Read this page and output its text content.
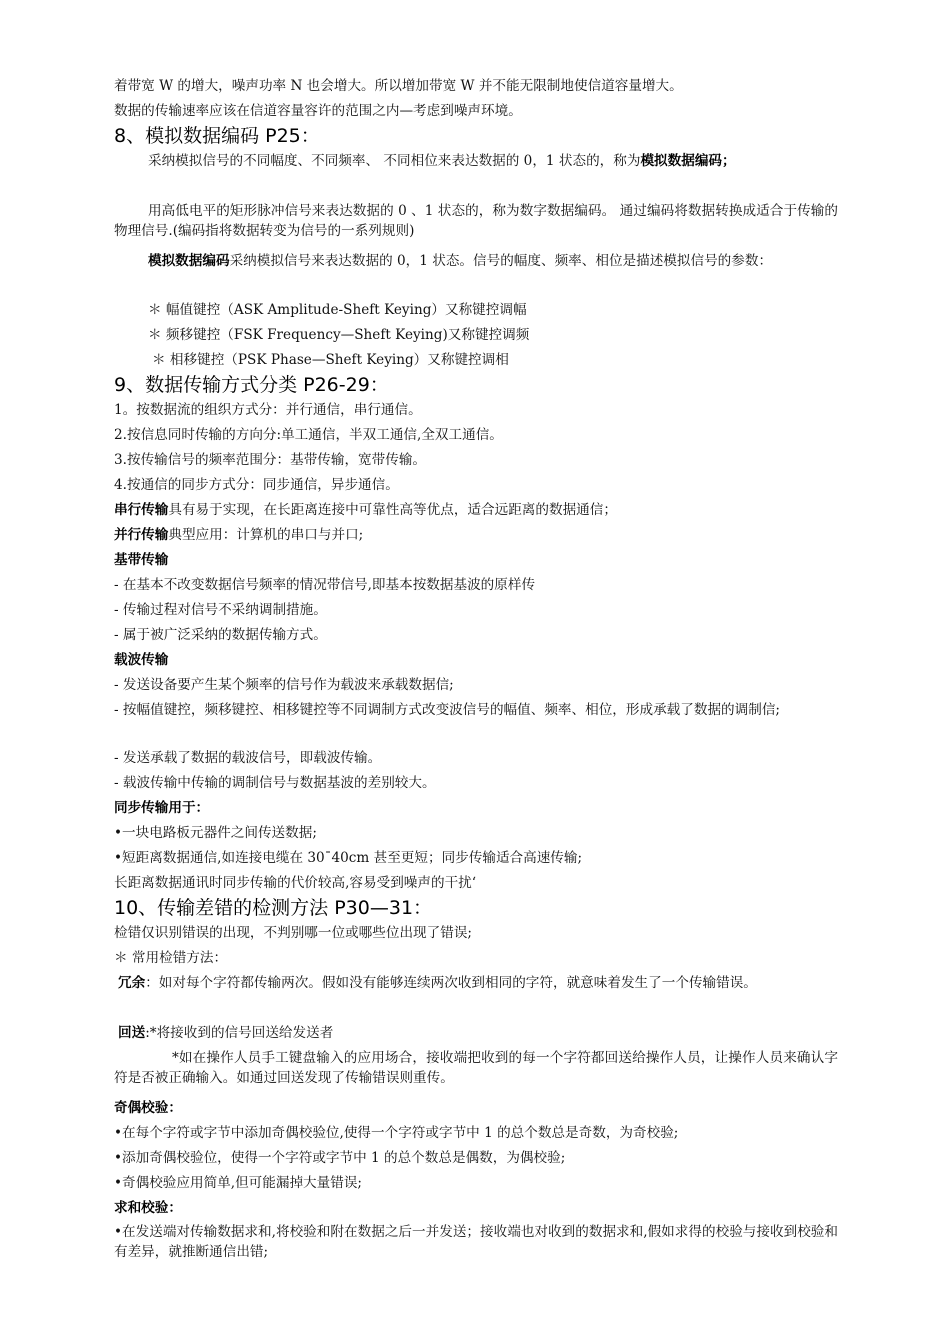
着带宽 W 的增大，噪声功率 N 也会增大。所以增加带宽 W 并不能无限制地使信道容量增大。
数据的传输速率应该在信道容量容许的范围之内—考虑到噪声环境。
8、模拟数据编码 P25：
采纳模拟信号的不同幅度、不同频率、 不同相位来表达数据的 0，1 状态的，称为模拟数据编码；
用高低电平的矩形脉冲信号来表达数据的 0 、1 状态的，称为数字数据编码。 通过编码将数据转换成适合于传输的物理信号.(编码指将数据转变为信号的一系列规则)
模拟数据编码采纳模拟信号来表达数据的 0，1 状态。信号的幅度、频率、相位是描述模拟信号的参数：
＊ 幅值键控（ASK Amplitude-Sheft Keying）又称键控调幅
＊ 频移键控（FSK Frequency—Sheft Keying)又称键控调频
＊ 相移键控（PSK Phase—Sheft Keying）又称键控调相
9、数据传输方式分类 P26-29：
1。按数据流的组织方式分：并行通信，串行通信。
2.按信息同时传输的方向分:单工通信，半双工通信,全双工通信。
3.按传输信号的频率范围分：基带传输，宽带传输。
4.按通信的同步方式分：同步通信，异步通信。
串行传输具有易于实现，在长距离连接中可靠性高等优点，适合远距离的数据通信；
并行传输典型应用：计算机的串口与并口;
基带传输
- 在基本不改变数据信号频率的情况带信号,即基本按数据基波的原样传
- 传输过程对信号不采纳调制措施。
- 属于被广泛采纳的数据传输方式。
载波传输
- 发送设备要产生某个频率的信号作为载波来承载数据信;
- 按幅值键控，频移键控、相移键控等不同调制方式改变波信号的幅值、频率、相位，形成承载了数据的调制信;
- 发送承载了数据的载波信号，即载波传输。
- 载波传输中传输的调制信号与数据基波的差别较大。
同步传输用于：
•一块电路板元器件之间传送数据;
•短距离数据通信,如连接电缆在 30¯40cm 甚至更短；同步传输适合高速传输;
长距离数据通讯时同步传输的代价较高,容易受到噪声的干扰‘
10、传输差错的检测方法 P30—31：
检错仅识别错误的出现，不判别哪一位或哪些位出现了错误;
＊ 常用检错方法：
冗余：如对每个字符都传输两次。假如没有能够连续两次收到相同的字符，就意味着发生了一个传输错误。
回送:*将接收到的信号回送给发送者
*如在操作人员手工键盘输入的应用场合，接收端把收到的每一个字符都回送给操作人员，让操作人员来确认字符是否被正确输入。如通过回送发现了传输错误则重传。
奇偶校验：
•在每个字符或字节中添加奇偶校验位,使得一个字符或字节中 1 的总个数总是奇数，为奇校验;
•添加奇偶校验位，使得一个字符或字节中 1 的总个数总是偶数，为偶校验;
•奇偶校验应用简单,但可能漏掉大量错误;
求和校验：
•在发送端对传输数据求和,将校验和附在数据之后一并发送；接收端也对收到的数据求和,假如求得的校验与接收到校验和有差异，就推断通信出错;
